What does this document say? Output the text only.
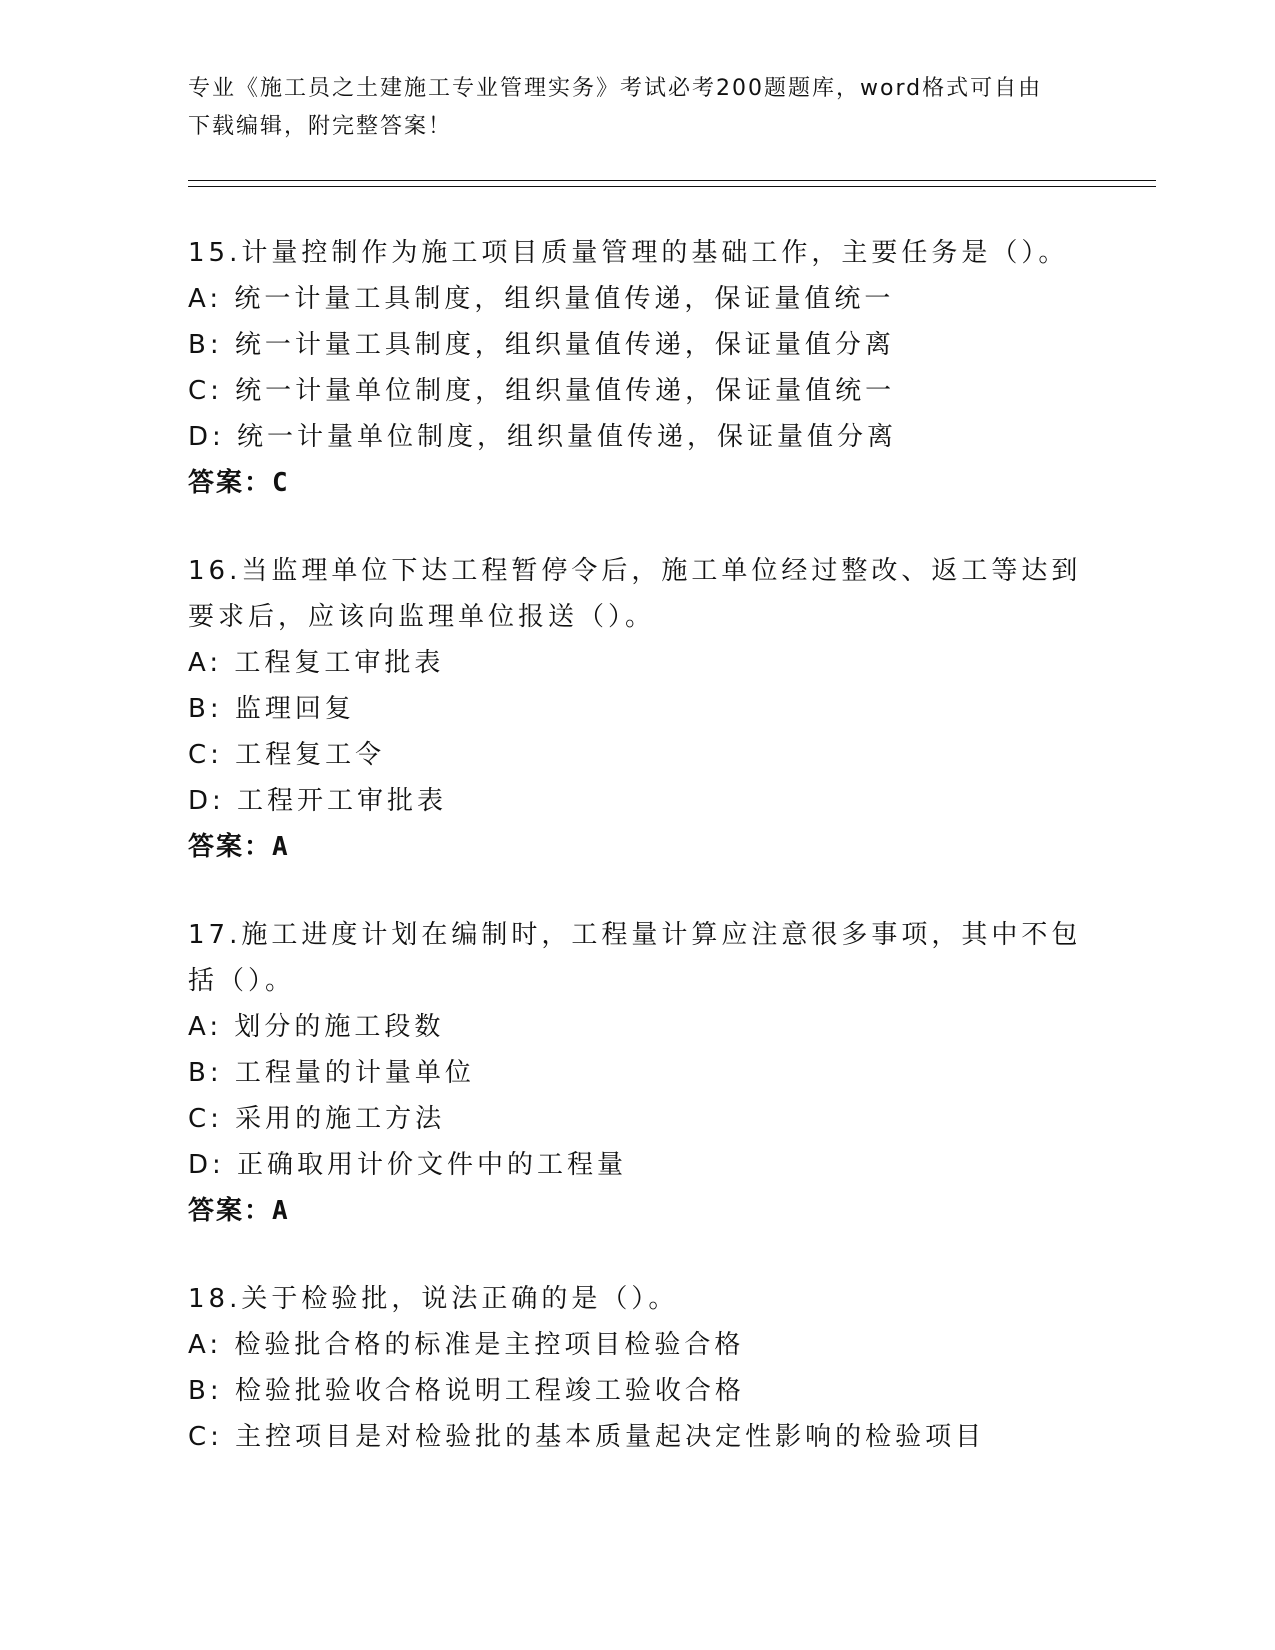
专业《施工员之土建施工专业管理实务》考试必考200题题库，word格式可自由
下载编辑，附完整答案！
15.计量控制作为施工项目质量管理的基础工作，主要任务是（）。
A: 统一计量工具制度，组织量值传递，保证量值统一
B: 统一计量工具制度，组织量值传递，保证量值分离
C: 统一计量单位制度，组织量值传递，保证量值统一
D: 统一计量单位制度，组织量值传递，保证量值分离
答案：C
16.当监理单位下达工程暂停令后，施工单位经过整改、返工等达到要求后，应该向监理单位报送（）。
A: 工程复工审批表
B: 监理回复
C: 工程复工令
D: 工程开工审批表
答案：A
17.施工进度计划在编制时，工程量计算应注意很多事项，其中不包括（）。
A: 划分的施工段数
B: 工程量的计量单位
C: 采用的施工方法
D: 正确取用计价文件中的工程量
答案：A
18.关于检验批，说法正确的是（）。
A: 检验批合格的标准是主控项目检验合格
B: 检验批验收合格说明工程竣工验收合格
C: 主控项目是对检验批的基本质量起决定性影响的检验项目
